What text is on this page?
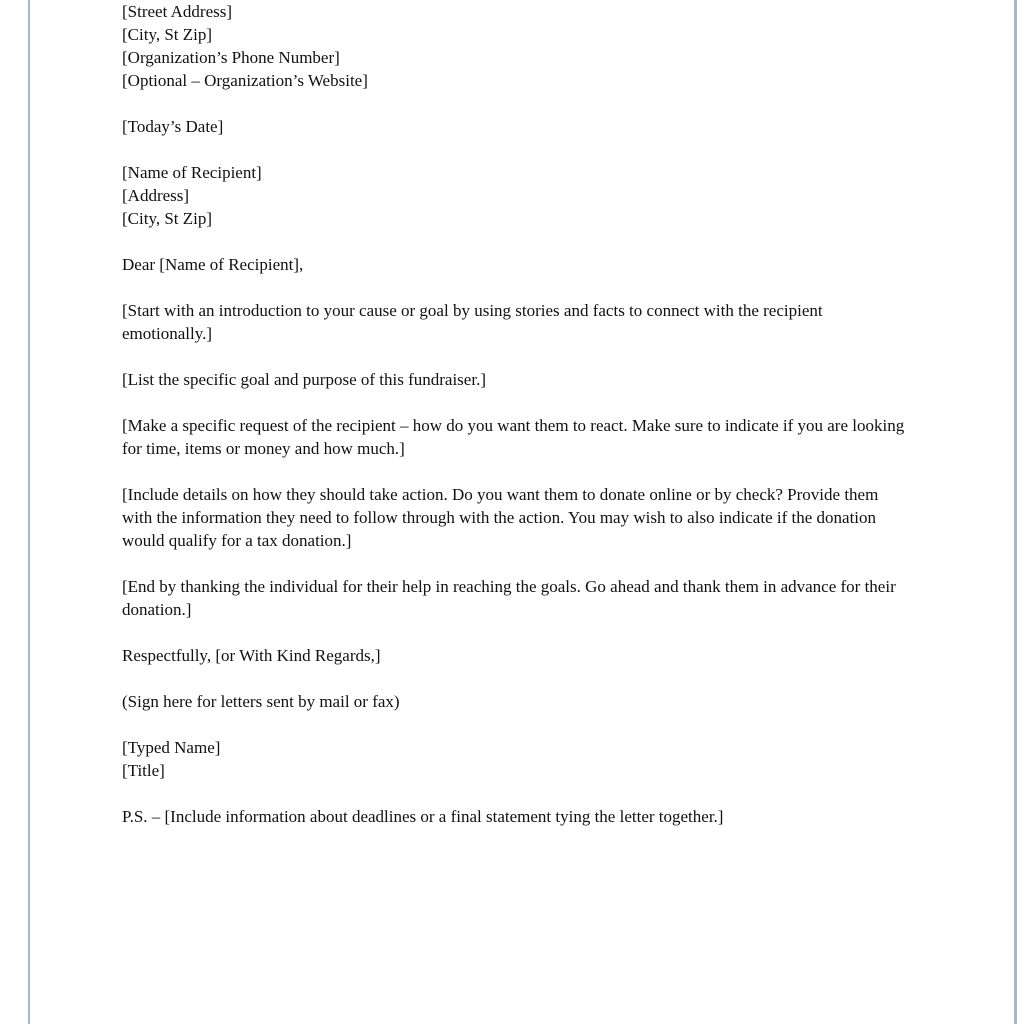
[Street Address]
[City, St Zip]
[Organization’s Phone Number]
[Optional – Organization’s Website]
[Today’s Date]
[Name of Recipient]
[Address]
[City, St Zip]
Dear [Name of Recipient],
[Start with an introduction to your cause or goal by using stories and facts to connect with the recipient emotionally.]
[List the specific goal and purpose of this fundraiser.]
[Make a specific request of the recipient – how do you want them to react. Make sure to indicate if you are looking for time, items or money and how much.]
[Include details on how they should take action. Do you want them to donate online or by check? Provide them with the information they need to follow through with the action. You may wish to also indicate if the donation would qualify for a tax donation.]
[End by thanking the individual for their help in reaching the goals. Go ahead and thank them in advance for their donation.]
Respectfully, [or With Kind Regards,]
(Sign here for letters sent by mail or fax)
[Typed Name]
[Title]
P.S. – [Include information about deadlines or a final statement tying the letter together.]
